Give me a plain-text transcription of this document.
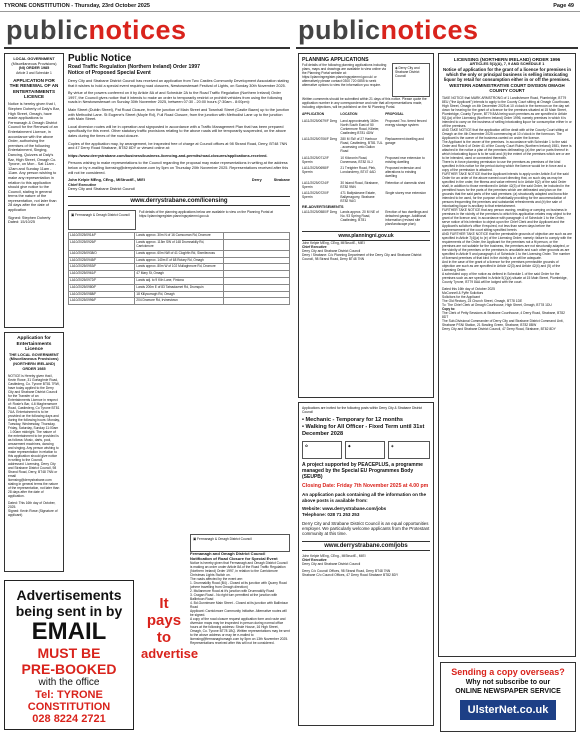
TYRONE CONSTITUTION - Thursday, 23rd October 2025	Page 49
publicnotices	publicnotices
LOCAL GOVERNMENT
(Miscellaneous Provisions)
(NI) ORDER 1985
Article 3 and Schedule 1
APPLICATION FOR THE RENEWAL OF AN ENTERTAINMENTS LICENCE
Notice is hereby given that I, Stephen Doherty of Daly's Bar, High Street, Omagh, have made applications to Fermanagh & Omagh District Council for the Renewal of an Entertainment Licence, in accordance with the above Order, authorising the premises of the following Entertainment, Singing, Dancing, Quizzes at Daly's Bar, High Street, Omagh Co. Tyrone, on Mon - Sat 11am - 12am and Sunday 11am - 11am. Any person wishing to make any representation in relation to this application should give notice to the Council, stating in general terms the nature of the representation, not later than 28 days after the date of application
Signed: Stephen Doherty Dated: 15/10/25
Application for Entertainments Licence
THE LOCAL GOVERNMENT
(Miscellaneous Provisions) (NORTHERN IRELAND) ORDER 1985
NOTICE is Hereby given that I, Kevin Rowe, 31 Gortaghnie Road, Castlederg, Co. Tyrone BT81 7RW, have today applied to the Derry City and Strabane District Council for the Transfer of an Entertainments Licence in respect of: Rosie's Bar, 4-6 Magheramore Road, Castlederg, Co Tyrone BT81 7UA. Entertainment is to be provided on the following days and during the following hours: Monday, Tuesday, Wednesday, Thursday, Friday, Saturday, Sunday 11:00am - 1:00am midnight. The nature of the entertainment to be provided is as follows: Music, darts, pool, amusement machines, dancing and singing. Any person wishing to make representation in relation to this application should give notice in writing to the Council, addressed: Licensing, Derry City and Strabane District Council, 98 Strand Road, Derry, BT48 7NN or email licensing@derrystrabane.com stating in general terms the nature of the representation, not later than 28 days after the date of application.
Dated: This 16th day of October, 2025.
Signed: Kevin Rowe (Signature of applicant)
Advertisements
being sent in by
EMAIL
MUST BE
PRE-BOOKED
with the office
Tel: TYRONE
CONSTITUTION
028 8224 2721
Public Notice
Road Traffic Regulation (Northern Ireland) Order 1997
Notice of Proposed Special Event
Derry City and Strabane District Council has received an application from Two Castles Community Development Association stating that it wishes to hold a special event requiring road closures, Newtownstewart Festival of Lights, on Sunday 30th November 2025.
By virtue of the powers conferred on it by Article 8A of and Schedule 2A to the Road Traffic Regulation (Northern Ireland) Order 1997, the Council gives notice that it intends to make an order to temporarily restrict or prohibit vehicles from using the following roads in Newtownstewart on Sunday 30th November 2025, between 07:30 - 20:00 hours (7:30am - 8:00pm):
Main Street (Dublin Street), Pat Road Closure, from the junction of Main Street and Townhall Street (Castle Bawn) up to the junction with Methodist Lane. St Eugene's Street (Moyle Rd), Full Road Closure, from the junction with Methodist Lane up to the junction with Main Street.
Local diversion routes will be in operation and signposted in accordance with a Traffic Management Plan that has been prepared specifically for this event. Other statutory traffic provisions relating to the above roads will be temporarily suspended, on the above dates during the times of the road closure.
Copies of the application may, by arrangement, be inspected free of charge at Council offices at 98 Strand Road, Derry, BT48 7NN and 47 Derry Road Strabane, BT82 8DY or viewed online at:
https://www.derrystrabane.com/business/business-licencing-and-permits/road-closures/applications-received.
Persons wishing to make representations to the Council regarding the proposal may make representations in writing at the address below or by e-mailing licensing@derrystrabane.com by 5pm on Thursday 20th November 2025. Representations received after this will not be considered.
John Kelpie MEng, CEng., MIStructE., MIEI
Chief Executive
Derry City and Strabane District Council
Derry	Strabane
www.derrystrabane.com/licensing
▣ Fermanagh & Omagh District Council
Full details of the planning applications below are available to view on the Planning Portal at https://planningregister.planningsystemni.gov.uk
LA10/2025/0914/F	Lands approx. 30m N of 16 Carncorran Rd, Dromore	
LA10/2025/0926/F	Lands approx. 115m SW of 148 Drumnakilly Rd, Carrickmore	
LA10/2025/0938/O	Lands approx. 60m NW of 41 Cloghfin Rd, Sixmilecross	
LA10/2025/0945/F	Lands approx. 140m E of 68 Rotary Rd, Omagh	
LA10/2025/0953/F	Lands approx. 80m W of 102 Mullaghmore Rd, Dromore	
LA10/2025/0961/F	47 Mary St, Omagh	
LA10/2025/0972/F	Lands adj. to 9 Kiln Lane, Fintona	
LA10/2025/0980/F	Lands 200m E of 83 Tatnadavnet Rd, Drumquin	
LA10/2025/0988/F	18 Killycurragh Rd, Omagh	
LA10/2025/0996/F	204 Dromore Rd, Irvinestown	
It pays to
advertise
▣ Fermanagh & Omagh District Council
Fermanagh and Omagh District Council
Notification of Road Closure for Special Event
Notice is hereby given that Fermanagh and Omagh District Council is making an order under Article 8A of the Road Traffic Regulation (Northern Ireland) Order 1997, in relation to the Carrickmore Christmas Lights Switch on.
The roads affected by the event are:
1. Drumnakilly Road (B4) - Closed at its junction with Quarry Road (where travelling from Omagh direction)
2. Mullanmore Road at it's junction with Drumnakilly Road
3. Cragan Road - No right turn permitted at the junction with Ballintoun Road
4. Bd.Gunnimare Main Street - Closed at its junction with Ballintoun Road
Applicant: Carrickmore Community Initiative. Alternative routes will be signed.
A copy of the road closure request application form and route and diversion maps may be inspected in person during normal office hours at the following address: Strule House, 16 High Street, Omagh, Co. Tyrone BT78 1BQ. Written representations may be sent to the above address or may be e-mailed to licensing@fermanaghomagh.com by 5pm on 13th November 2025. Representations received after this will not be considered.
PLANNING APPLICATIONS
Full details of the following planning applications including plans, maps and drawings are available to view online via the Planning Portal website at: https://planningregister.planningsystemni.gov.uk/ or alternatively please contact 0300 720 0855 to seek alternative options to view the information you require.
◈ Derry City and Strabane District Council
Written comments should be submitted within 21 days of this notice. Please quote the application number in any correspondence and note that all representations made, including objections, will be published on the NI Planning Portal.
APPLICATION	LOCATION	PROPOSAL
LA11/2025/0679/F Derg	Land approximately 160m North South East of 50 Corkermore Road, Killeter, Castlederg BT81 4DW	Proposed 7no. tiered fenced energy storage system
LA11/2025/0706/F Derg	280 M SW of 27 Harbour Road, Castlederg, BT81 7UL - accessing onto Gallon Road	Replacement dwelling and garage
LA11/2025/0712/F Sperrin	10 Kilcronin Road, Donemana, BT82 0LJ	Proposed rear extension to existing dwelling
LA11/2025/0698/F Sperrin	21 Treighter Road, Plek, Londonderry, BT47 4AD	Proposed extension and alterations to existing dwelling
LA11/2025/0724/F Sperrin	30 Island Road, Strabane, BT82 9NN	Retention of domestic shed
LA11/2025/0720/F Sperrin	471 Ballyskeane Estate, Ballymagorry, Strabane BT82 9AG	Single storey rear extension
RE-ADVERTISEMENTS
LA11/2025/0580/F Derg	Lands approx. 20 M NE of No. 93 Spring Road, Castlederg, BT81	Erection of two dwellings and detached garage. Additional information (revised site plan/landscape plan)
www.planningni.gov.uk
John Kelpie MEng, CEng, MIStructE., MIEI
Chief Executive
Derry City and Strabane District Council
Derry / Strabane: C/o Planning Department of the Derry City and Strabane District Council, 98 Strand Road, Derry BT48 7NN
Applications are invited for the following posts within Derry City & Strabane District Council
• Mechanic - Temporary for 12 months
• Walking for All Officer - Fixed Term until 31st December 2028
✿	◆	◈
A project supported by PEACEPLUS, a programme managed by the Special EU Programmes Body (SEUPB)
Closing Date: Friday 7th November 2025 at 4.00 pm
An application pack containing all the information on the above posts is available from:
Website: www.derrystrabane.com/jobs
Telephone: 028 71 253 253
Derry City and Strabane District Council is an equal opportunities employer. We particularly welcome applicants from the Protestant community at this time.
www.derrystrabane.com/jobs
John Kelpie MEng, CEng., MIStructE., MIEI
Chief Executive
Derry City and Strabane District Council
Derry C/o Council Offices, 98 Strand Road, Derry BT48 7NN
Strabane C/o Council Offices, 47 Derry Road Strabane BT82 8DY
LICENSING (NORTHERN IRELAND) ORDER 1996
ARTICLES 5(1)(A), 7, 9 AND SCHEDULE 1
Notice of application for the grant of a licence for premises in which the only or principal business is selling intoxicating liquor by retail for consumption either in or off the premises.
WESTERN ADMINISTRATIVE COURT DIVISION OMAGH COUNTY COURT
TAKE NOTICE that MARK ARMSTRONG of 1 Landishmore Road, Plumbridge, BT79 8EU ("the Applicant") intends to apply to the County Court sitting at Omagh Courthouse, High Street, Omagh on 4th December 2025 at 10 o'clock in the forenoon on the day set down for hearing for the grant of a licence for the premises situated at 15 Main Street, Plumbridge, County Tyrone, BT79 8AA being such premises as are specified in Article 5(1)(a) of the Licensing (Northern Ireland) Order 1996, namely premises in which it is intended to carry on the business of selling intoxicating liquor for consumption either in or off the premises.
AND TAKE NOTICE that the application will be dealt with at the County Court sitting at Omagh on the 4th December 2025 commencing at 10 o'clock in the forenoon. The Applicant is the owner of the business carried on under the licence.
The Applicant is the owner of the premises. In accordance with Schedule 1 to the said Order and Rule 6 of Order 41 of the County Court Rules (Northern Ireland) 1981, there is attached in the notice a plan of the premises delineating: (a) the part or parts thereof in which intoxicating liquor is to be sold and (b) the extent of the premises which are or are to be intended, used or connected therewith.
There is in force planning permission to use the premises as premises of the kind specified in this notice for the period during which the licence would be in force and a copy of the permission is attached.
FURTHER TAKE NOTICE that the Applicant intends to apply under Article 8 of the said Order for an order of the above named court directing that, on such day as may be specified in the order, the fitness and value referred to in Article 8(2) of the said Order shall, in addition to those mentioned in Article 42(3) of the said Order, be included in the permitted hours for the parts of the premises which are delineated and plan on the grounds that the said parts of the said premises: (a) structurally adapted and bona fide intended to be used, for the purpose of habitually providing for the accommodation of persons frequenting the premises and substantial refreshments and (b) the sale of intoxicating liquor is ancillary to that entertainment.
FURTHER TAKE NOTICE that any person owning, residing or carrying on business in premises in the vicinity of the premises to which this application relates may object to the grant of the licence and, in accordance with paragraph 4 of Schedule 1 to the Order, serve notice of his intention to object upon the Chief Clerk and the Applicant and the Applicant's solicitor's office if required, not less than seven days before the commencement of the court sitting specified herein.
AND FURTHER TAKE NOTICE that the permissible grounds of objection are such as are specified in Article 7(4)(a) to (e) of the Licensing Order; namely: failure to comply with the requirements of the Order, the Applicant for the premises not a fit person, or the premises are not suitable for the business, the premises are not structurally adapted, or the vicinity of the premises or the premises is unsuitable and such other grounds as are specified in Article 9 and paragraph 4 of Schedule 1 to the Licensing Order. The number of licensed premises of that kind in the vicinity is or will be adequate.
And in the case of the grant of a licence for the premises permissible grounds of objection are such as are specified in Article 42(3) and Article 42(4) and (5) of the Licensing Order.
A scheduled copy of the notice as defined in Schedule 1 of the said Order for the premises such as are specified in Article 5(1)(a) situate at 15 Main Street, Plumbridge, County Tyrone, BT79 8AA will be lodged with the court.
Dated this 16th day of October 2025
McConnell & Fyffe Solicitors
Solicitors for the Applicant
The Old Rectory, 23 Church Street, Omagh, BT78 1DE
To: The Chief Clerk at Omagh Courthouse, High Street, Omagh, BT78 1DU
Copy to:
The Clerk of Petty Sessions at Strabane Courthouse, 4 Derry Road, Strabane, BT82 8DT
The Sub-Divisional Commander of Derry City and Strabane District Command Unit, Strabane PSNI Station, 21 Bowling Green, Strabane, BT82 8BW
Derry City and Strabane District Council, 47 Derry Road, Strabane, BT82 8DY
Sending a copy overseas?
Why not subscribe to our
ONLINE NEWSPAPER SERVICE
UlsterNet.co.uk
